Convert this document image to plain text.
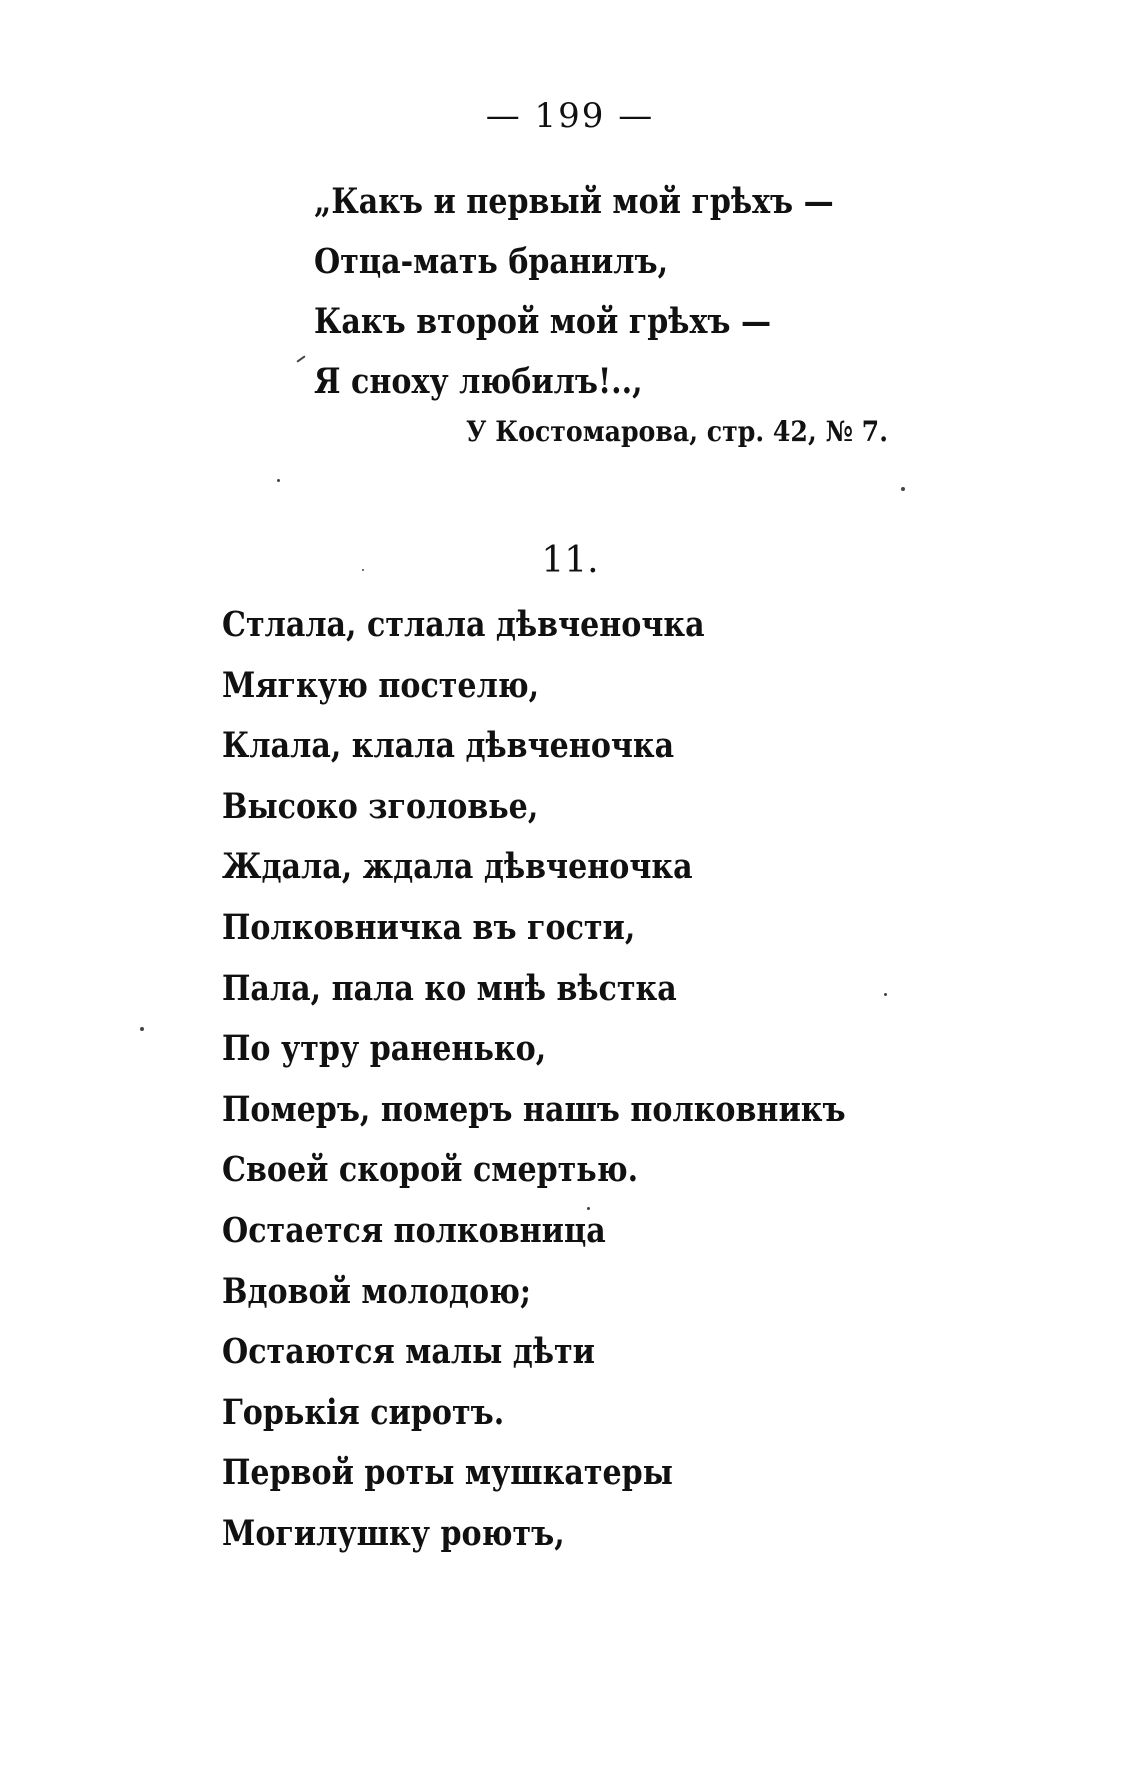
— 199 —
„Какъ и первый мой грѣхъ —
Отца-мать бранилъ,
Какъ второй мой грѣхъ —
Я сноху любилъ!..,
У Костомарова, стр. 42, № 7.
11.
Стлала, стлала дѣвченочка
Мягкую постелю,
Клала, клала дѣвченочка
Высоко зголовье,
Ждала, ждала дѣвченочка
Полковничка въ гости,
Пала, пала ко мнѣ вѣстка
По утру раненько,
Померъ, померъ нашъ полковникъ
Своей скорой смертью.
Остается полковница
Вдовой молодою;
Остаются малы дѣти
Горькія сиротъ.
Первой роты мушкатеры
Могилушку роютъ,
